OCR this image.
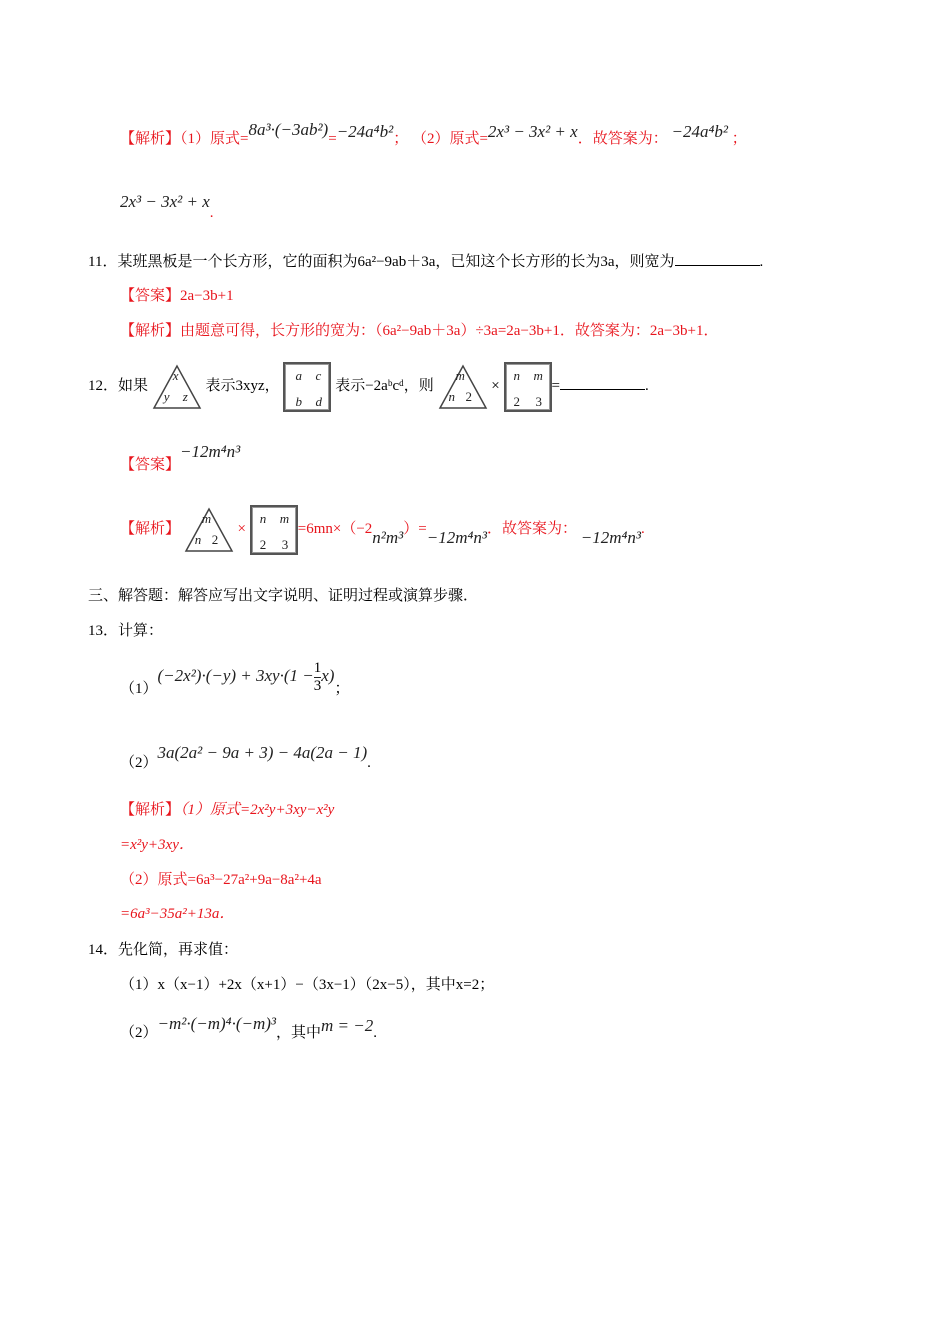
【解析】（1）原式=8a³·(−3ab²)=−24a⁴b²； （2）原式=2x³ − 3x² + x．故答案为： −24a⁴b² ；
2x³ − 3x² + x.
11．某班黑板是一个长方形，它的面积为6a²−9ab＋3a，已知这个长方形的长为3a，则宽为	.
【答案】2a−3b+1
【解析】由题意可得，长方形的宽为：（6a²−9ab＋3a）÷3a=2a−3b+1．故答案为：2a−3b+1．
12．如果
x
y z
表示3xyz，
a c
b d
表示−2aᵇcᵈ，则
m
n 2
×
n m
2 3
=	.
【答案】−12m⁴n³
【解析】
m
n 2
×
n m
2 3
=6mn×（−2n²m³）=−12m⁴n³．故答案为： −12m⁴n³.
三、解答题：解答应写出文字说明、证明过程或演算步骤．
13．计算：
$(1)(-2x^2)\cdot(-y) + 3xy\cdot(1 - \frac{1}{3} x)$；
（2）3a(2a² − 9a + 3) − 4a(2a − 1).
【解析】（1）原式=2x²y+3xy−x²y
=x²y+3xy．
（2）原式=6a³−27a²+9a−8a²+4a
=6a³−35a²+13a．
14．先化简，再求值：
（1）x（x−1）+2x（x+1）−（3x−1）（2x−5），其中x=2；
（2）−m²·(−m)⁴·(−m)³，其中m = −2.
